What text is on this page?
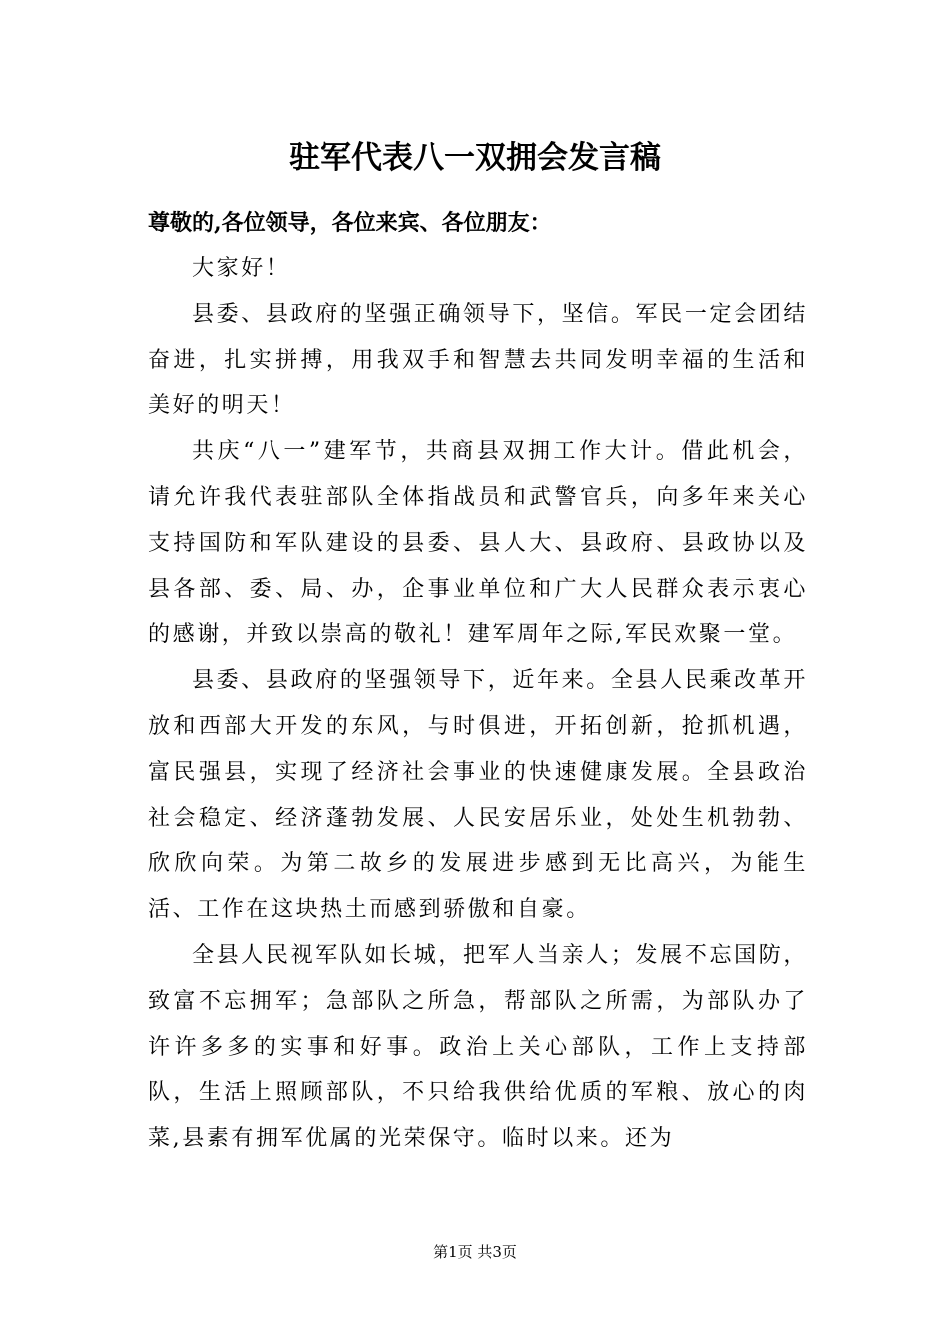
驻军代表八一双拥会发言稿

尊敬的,各位领导，各位来宾、各位朋友：

大家好！

县委、县政府的坚强正确领导下，坚信。军民一定会团结奋进，扎实拼搏，用我双手和智慧去共同发明幸福的生活和美好的明天！

共庆“八一”建军节，共商县双拥工作大计。借此机会，请允许我代表驻部队全体指战员和武警官兵，向多年来关心支持国防和军队建设的县委、县人大、县政府、县政协以及县各部、委、局、办，企事业单位和广大人民群众表示衷心的感谢，并致以崇高的敬礼！建军周年之际,军民欢聚一堂。

县委、县政府的坚强领导下，近年来。全县人民乘改革开放和西部大开发的东风，与时俱进，开拓创新，抢抓机遇，富民强县，实现了经济社会事业的快速健康发展。全县政治社会稳定、经济蓬勃发展、人民安居乐业，处处生机勃勃、欣欣向荣。为第二故乡的发展进步感到无比高兴，为能生活、工作在这块热土而感到骄傲和自豪。

全县人民视军队如长城，把军人当亲人；发展不忘国防，致富不忘拥军；急部队之所急，帮部队之所需，为部队办了许许多多的实事和好事。政治上关心部队，工作上支持部队，生活上照顾部队，不只给我供给优质的军粮、放心的肉菜,县素有拥军优属的光荣保守。临时以来。还为

第1页 共3页
